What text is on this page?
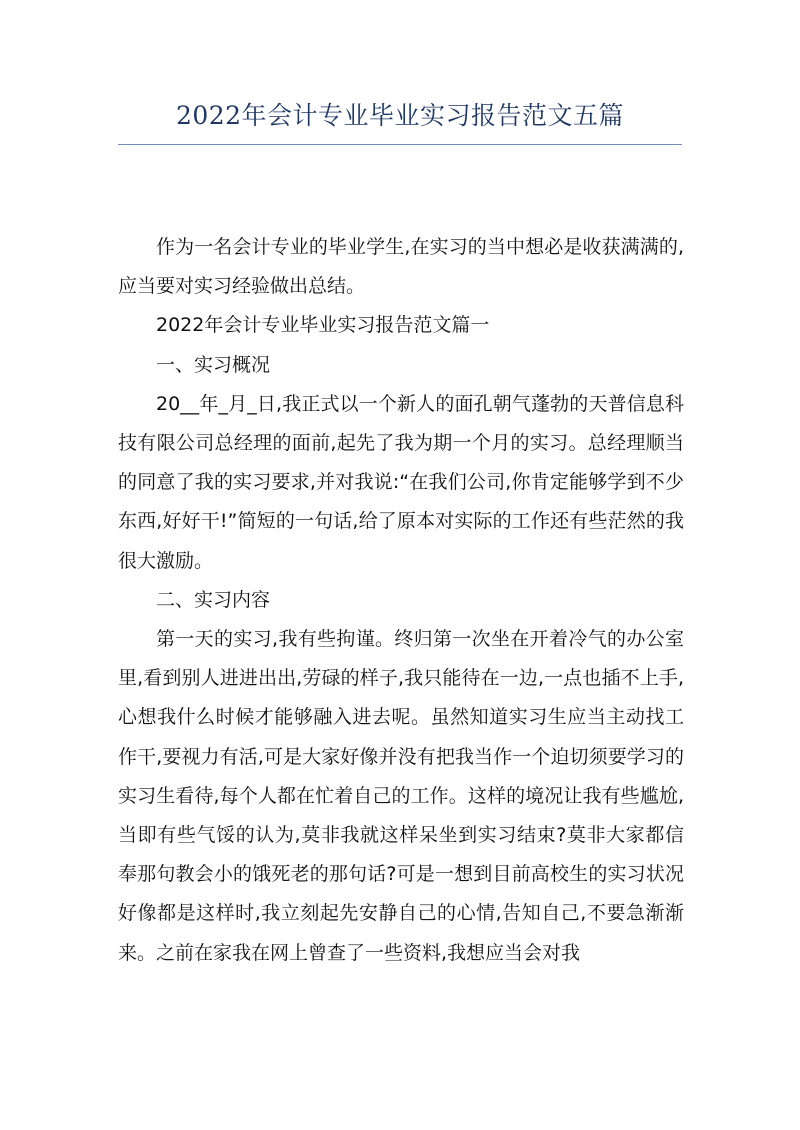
2022年会计专业毕业实习报告范文五篇

作为一名会计专业的毕业学生,在实习的当中想必是收获满满的,应当要对实习经验做出总结。

2022年会计专业毕业实习报告范文篇一

一、实习概况

20__年_月_日,我正式以一个新人的面孔朝气蓬勃的天普信息科技有限公司总经理的面前,起先了我为期一个月的实习。总经理顺当的同意了我的实习要求,并对我说:“在我们公司,你肯定能够学到不少东西,好好干!”简短的一句话,给了原本对实际的工作还有些茫然的我很大激励。

二、实习内容

第一天的实习,我有些拘谨。终归第一次坐在开着冷气的办公室里,看到别人进进出出,劳碌的样子,我只能待在一边,一点也插不上手,心想我什么时候才能够融入进去呢。虽然知道实习生应当主动找工作干,要视力有活,可是大家好像并没有把我当作一个迫切须要学习的实习生看待,每个人都在忙着自己的工作。这样的境况让我有些尴尬,当即有些气馁的认为,莫非我就这样呆坐到实习结束?莫非大家都信奉那句教会小的饿死老的那句话?可是一想到目前高校生的实习状况好像都是这样时,我立刻起先安静自己的心情,告知自己,不要急渐渐来。之前在家我在网上曾查了一些资料,我想应当会对我
